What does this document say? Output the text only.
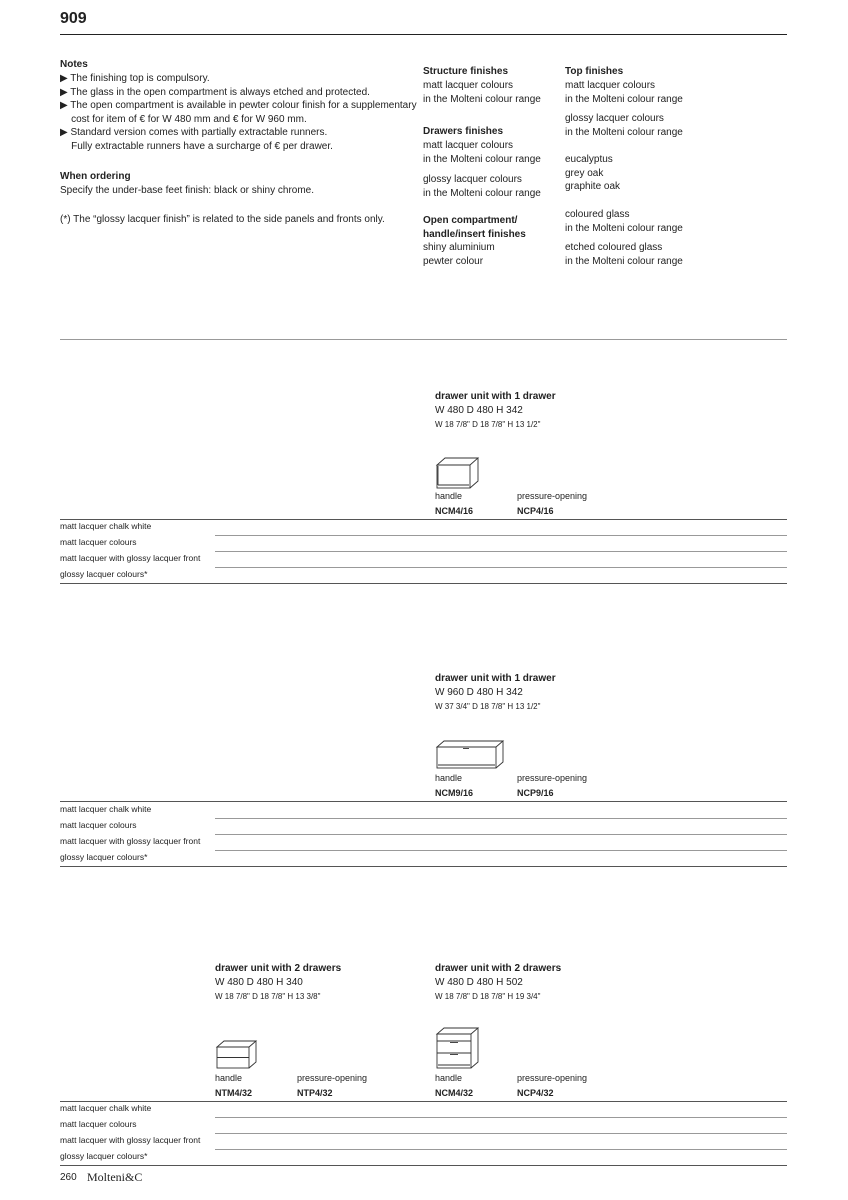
909
Notes
▶ The finishing top is compulsory.
▶ The glass in the open compartment is always etched and protected.
▶ The open compartment is available in pewter colour finish for a supplementary
cost for item of € for W 480 mm and € for W 960 mm.
▶ Standard version comes with partially extractable runners.
Fully extractable runners have a surcharge of € per drawer.
When ordering
Specify the under-base feet finish: black or shiny chrome.
(*) The “glossy lacquer finish” is related to the side panels and fronts only.
Structure finishes
matt lacquer colours
in the Molteni colour range
Drawers finishes
matt lacquer colours
in the Molteni colour range
glossy lacquer colours
in the Molteni colour range
Open compartment/
handle/insert finishes
shiny aluminium
pewter colour
Top finishes
matt lacquer colours
in the Molteni colour range
glossy lacquer colours
in the Molteni colour range
eucalyptus
grey oak
graphite oak
coloured glass
in the Molteni colour range
etched coloured glass
in the Molteni colour range
drawer unit with 1 drawer
W 480 D 480 H 342
W 18 7/8" D 18 7/8" H 13 1/2"
handle	pressure-opening
NCM4/16	NCP4/16
matt lacquer chalk white
matt lacquer colours
matt lacquer with glossy lacquer front
glossy lacquer colours*
drawer unit with 1 drawer
W 960 D 480 H 342
W 37 3/4" D 18 7/8" H 13 1/2"
handle	pressure-opening
NCM9/16	NCP9/16
matt lacquer chalk white
matt lacquer colours
matt lacquer with glossy lacquer front
glossy lacquer colours*
drawer unit with 2 drawers
W 480 D 480 H 340
W 18 7/8" D 18 7/8" H 13 3/8"
handle	pressure-opening
NTM4/32	NTP4/32
drawer unit with 2 drawers
W 480 D 480 H 502
W 18 7/8" D 18 7/8" H 19 3/4"
handle	pressure-opening
NCM4/32	NCP4/32
matt lacquer chalk white
matt lacquer colours
matt lacquer with glossy lacquer front
glossy lacquer colours*
260 Molteni&C
